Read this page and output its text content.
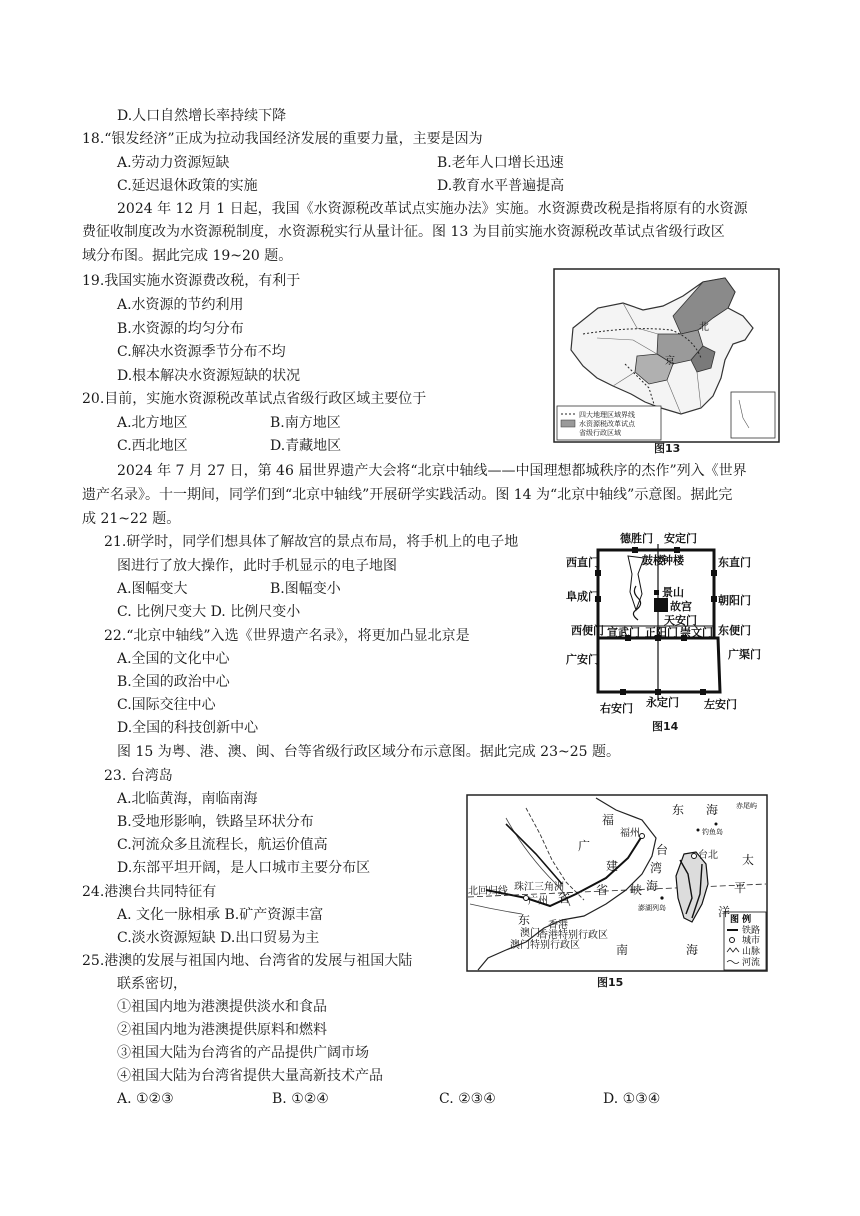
D.人口自然增长率持续下降
18.“银发经济”正成为拉动我国经济发展的重要力量，主要是因为
A.劳动力资源短缺	B.老年人口增长迅速
C.延迟退休政策的实施	D.教育水平普遍提高
2024 年 12 月 1 日起，我国《水资源税改革试点实施办法》实施。水资源费改税是指将原有的水资源
费征收制度改为水资源税制度，水资源税实行从量计征。图 13 为目前实施水资源税改革试点省级行政区
域分布图。据此完成 19~20 题。
19.我国实施水资源费改税，有利于
A.水资源的节约利用
B.水资源的均匀分布
C.解决水资源季节分布不均
D.根本解决水资源短缺的状况
20.目前，实施水资源税改革试点省级行政区域主要位于
A.北方地区	B.南方地区
C.西北地区	D.青藏地区
北
京
四大地理区域界线
水资源税改革试点
省级行政区域
图13
2024 年 7 月 27 日，第 46 届世界遗产大会将“北京中轴线——中国理想都城秩序的杰作”列入《世界
遗产名录》。十一期间，同学们到“北京中轴线”开展研学实践活动。图 14 为“北京中轴线”示意图。据此完
成 21~22 题。
21.研学时，同学们想具体了解故宫的景点布局，将手机上的电子地
图进行了放大操作，此时手机显示的电子地图
A.图幅变大	B.图幅变小
C. 比例尺变大 D. 比例尺变小
22.“北京中轴线”入选《世界遗产名录》，将更加凸显北京是
A.全国的文化中心
B.全国的政治中心
C.国际交往中心
D.全国的科技创新中心
德胜门 安定门
西直门	东直门
鼓楼
钟楼
景山
故宫
天安门
阜成门	朝阳门
西便门 宣武门 正阳门 崇文门 东便门
广安门	广渠门
右安门 永定门 左安门
图14
图 15 为粤、港、澳、闽、台等省级行政区域分布示意图。据此完成 23~25 题。
23. 台湾岛
A.北临黄海，南临南海
B.受地形影响，铁路呈环状分布
C.河流众多且流程长，航运价值高
D.东部平坦开阔，是人口城市主要分布区
24.港澳台共同特征有
A. 文化一脉相承 B.矿产资源丰富
C.淡水资源短缺 D.出口贸易为主
25.港澳的发展与祖国内地、台湾省的发展与祖国大陆
联系密切，
①祖国内地为港澳提供淡水和食品
②祖国内地为港澳提供原料和燃料
③祖国大陆为台湾省的产品提供广阔市场
④祖国大陆为台湾省提供大量高新技术产品
A. ①②③	B. ①②④	C. ②③④	D. ①③④
图 例
铁路
城市
山脉
河流
东 海
南	海
太
平
洋
福
建
省
广
东
省
福州
台北
台
湾
海
峡
北回归线 珠江三角洲
广州
澳门
香港
香港特别行政区
澳门特别行政区
赤尾屿
钓鱼岛
澎湖列岛
图15
